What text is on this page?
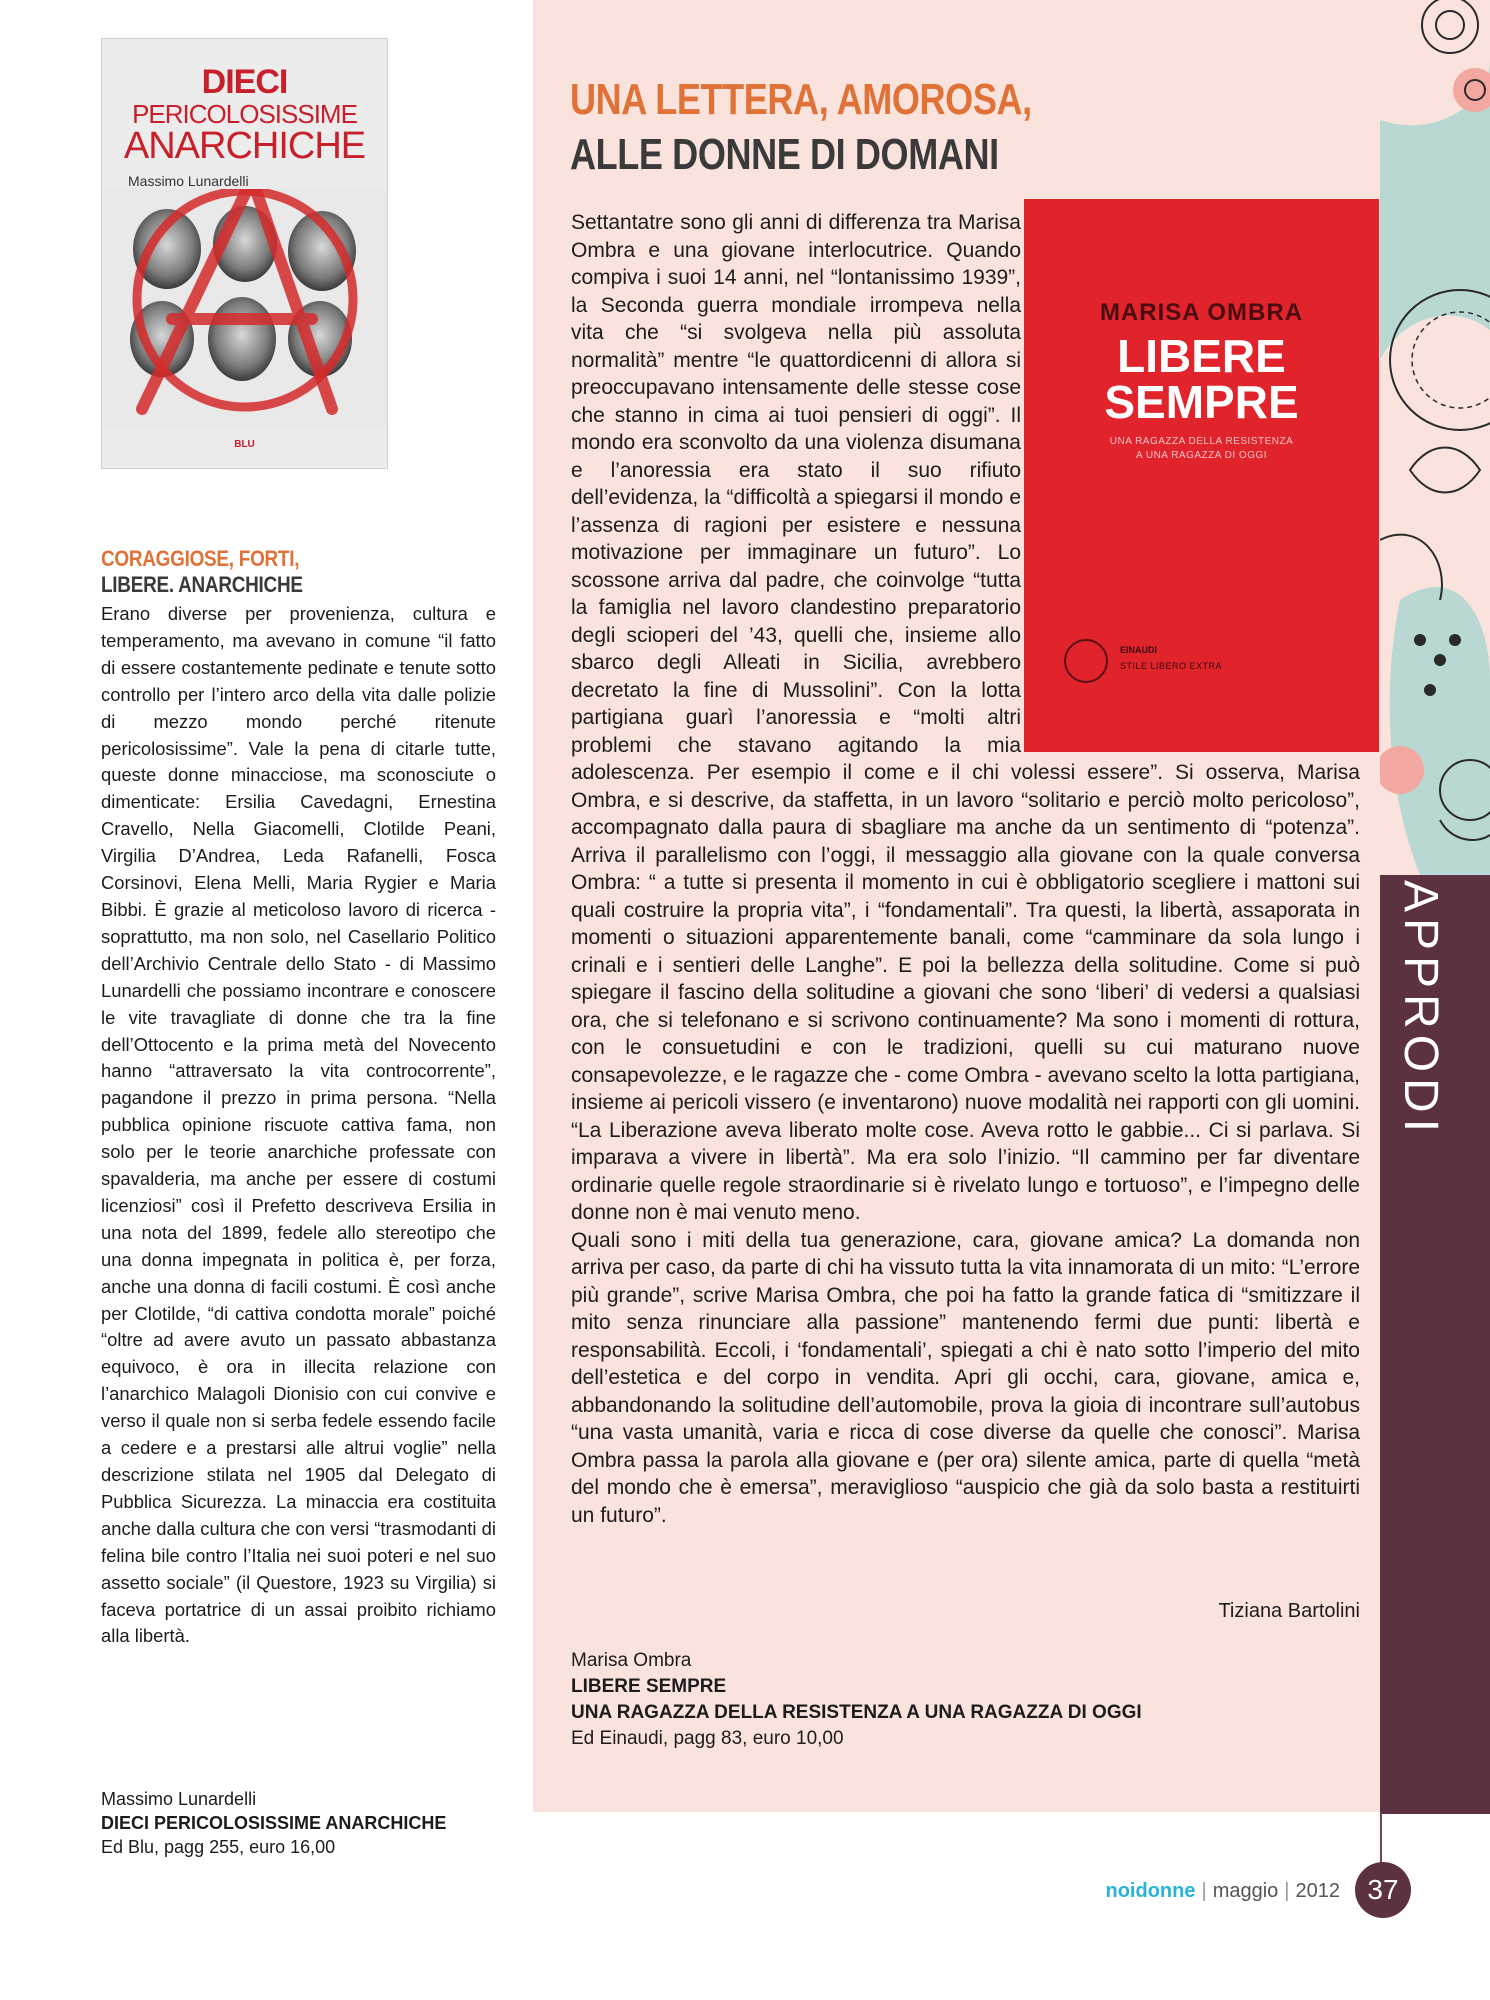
DIECI
PERICOLOSISSIME
ANARCHICHE
Massimo Lunardelli
BLU
CORAGGIOSE, FORTI,
LIBERE. ANARCHICHE

Erano diverse per provenienza, cultura e temperamento, ma avevano in comune “il fatto di essere costantemente pedinate e tenute sotto controllo per l’intero arco della vita dalle polizie di mezzo mondo perché ritenute pericolosissime”. Vale la pena di citarle tutte, queste donne minacciose, ma sconosciute o dimenticate: Ersilia Cavedagni, Ernestina Cravello, Nella Giacomelli, Clotilde Peani, Virgilia D’Andrea, Leda Rafanelli, Fosca Corsinovi, Elena Melli, Maria Rygier e Maria Bibbi. È grazie al meticoloso lavoro di ricerca - soprattutto, ma non solo, nel Casellario Politico dell’Archivio Centrale dello Stato - di Massimo Lunardelli che possiamo incontrare e conoscere le vite travagliate di donne che tra la fine dell’Ottocento e la prima metà del Novecento hanno “attraversato la vita controcorrente”, pagandone il prezzo in prima persona. “Nella pubblica opinione riscuote cattiva fama, non solo per le teorie anarchiche professate con spavalderia, ma anche per essere di costumi licenziosi” così il Prefetto descriveva Ersilia in una nota del 1899, fedele allo stereotipo che una donna impegnata in politica è, per forza, anche una donna di facili costumi. È così anche per Clotilde, “di cattiva condotta morale” poiché “oltre ad avere avuto un passato abbastanza equivoco, è ora in illecita relazione con l’anarchico Malagoli Dionisio con cui convive e verso il quale non si serba fedele essendo facile a cedere e a prestarsi alle altrui voglie” nella descrizione stilata nel 1905 dal Delegato di Pubblica Sicurezza. La minaccia era costituita anche dalla cultura che con versi “trasmodanti di felina bile contro l’Italia nei suoi poteri e nel suo assetto sociale” (il Questore, 1923 su Virgilia) si faceva portatrice di un assai proibito richiamo alla libertà.

Massimo Lunardelli
DIECI PERICOLOSISSIME ANARCHICHE
Ed Blu, pagg 255, euro 16,00
UNA LETTERA, AMOROSA,
ALLE DONNE DI DOMANI

Settantatre sono gli anni di differenza tra Marisa Ombra e una giovane interlocutrice. Quando compiva i suoi 14 anni, nel “lontanissimo 1939”, la Seconda guerra mondiale irrompeva nella vita che “si svolgeva nella più assoluta normalità” mentre “le quattordicenni di allora si preoccupavano intensamente delle stesse cose che stanno in cima ai tuoi pensieri di oggi”. Il mondo era sconvolto da una violenza disumana e l’anoressia era stato il suo rifiuto dell’evidenza, la “difficoltà a spiegarsi il mondo e l’assenza di ragioni per esistere e nessuna motivazione per immaginare un futuro”. Lo scossone arriva dal padre, che coinvolge “tutta la famiglia nel lavoro clandestino preparatorio degli scioperi del ’43, quelli che, insieme allo sbarco degli Alleati in Sicilia, avrebbero decretato la fine di Mussolini”. Con la lotta partigiana guarì l’anoressia e “molti altri problemi che stavano agitando la mia adolescenza. Per esempio il come e il chi volessi essere”. Si osserva, Marisa Ombra, e si descrive, da staffetta, in un lavoro “solitario e perciò molto pericoloso”, accompagnato dalla paura di sbagliare ma anche da un sentimento di “potenza”. Arriva il parallelismo con l’oggi, il messaggio alla giovane con la quale conversa Ombra: “ a tutte si presenta il momento in cui è obbligatorio scegliere i mattoni sui quali costruire la propria vita”, i “fondamentali”. Tra questi, la libertà, assaporata in momenti o situazioni apparentemente banali, come “camminare da sola lungo i crinali e i sentieri delle Langhe”. E poi la bellezza della solitudine. Come si può spiegare il fascino della solitudine a giovani che sono ‘liberi’ di vedersi a qualsiasi ora, che si telefonano e si scrivono continuamente? Ma sono i momenti di rottura, con le consuetudini e con le tradizioni, quelli su cui maturano nuove consapevolezze, e le ragazze che - come Ombra - avevano scelto la lotta partigiana, insieme ai pericoli vissero (e inventarono) nuove modalità nei rapporti con gli uomini. “La Liberazione aveva liberato molte cose. Aveva rotto le gabbie... Ci si parlava. Si imparava a vivere in libertà”. Ma era solo l’inizio. “Il cammino per far diventare ordinarie quelle regole straordinarie si è rivelato lungo e tortuoso”, e l’impegno delle donne non è mai venuto meno.

Quali sono i miti della tua generazione, cara, giovane amica? La domanda non arriva per caso, da parte di chi ha vissuto tutta la vita innamorata di un mito: “L’errore più grande”, scrive Marisa Ombra, che poi ha fatto la grande fatica di “smitizzare il mito senza rinunciare alla passione” mantenendo fermi due punti: libertà e responsabilità. Eccoli, i ‘fondamentali’, spiegati a chi è nato sotto l’imperio del mito dell’estetica e del corpo in vendita. Apri gli occhi, cara, giovane, amica e, abbandonando la solitudine dell’automobile, prova la gioia di incontrare sull’autobus “una vasta umanità, varia e ricca di cose diverse da quelle che conosci”. Marisa Ombra passa la parola alla giovane e (per ora) silente amica, parte di quella “metà del mondo che è emersa”, meraviglioso “auspicio che già da solo basta a restituirti un futuro”.

MARISA OMBRA
LIBERE
SEMPRE
UNA RAGAZZA DELLA RESISTENZA
A UNA RAGAZZA DI OGGI
EINAUDI
STILE LIBERO EXTRA
Tiziana Bartolini
Marisa Ombra
LIBERE SEMPRE
UNA RAGAZZA DELLA RESISTENZA A UNA RAGAZZA DI OGGI
Ed Einaudi, pagg 83, euro 10,00
APPRODI
noidonne | maggio | 2012 37
